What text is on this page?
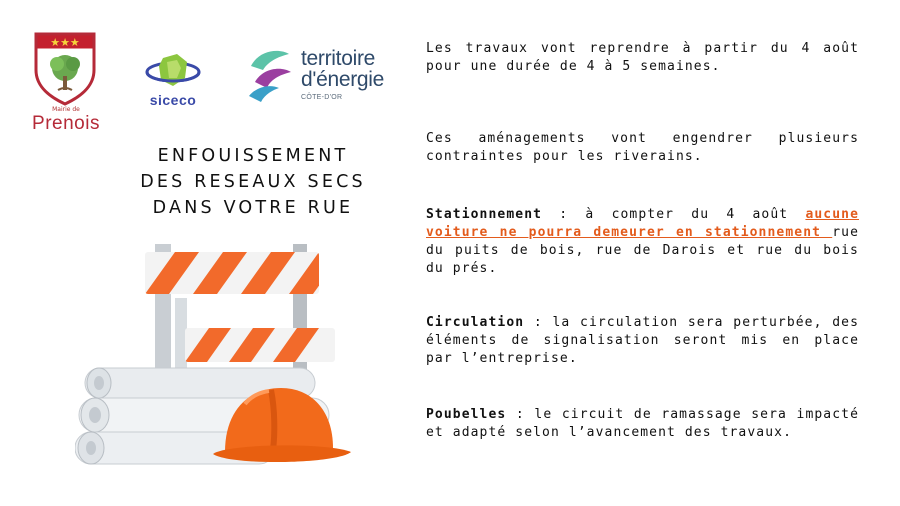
★★★
Mairie de
Prenois
siceco
territoire
d'énergie
CÔTE-D'OR
ENFOUISSEMENT
DES RESEAUX SECS
DANS VOTRE RUE

Les travaux vont reprendre à partir du 4 août pour une durée de 4 à 5 semaines.

Ces aménagements vont engendrer plusieurs contraintes pour les riverains.

Stationnement : à compter du 4 août aucune voiture ne pourra demeurer en stationnement rue du puits de bois, rue de Darois et rue du bois du prés.

Circulation : la circulation sera perturbée, des éléments de signalisation seront mis en place par l’entreprise.

Poubelles : le circuit de ramassage sera impacté et adapté selon l’avancement des travaux.
